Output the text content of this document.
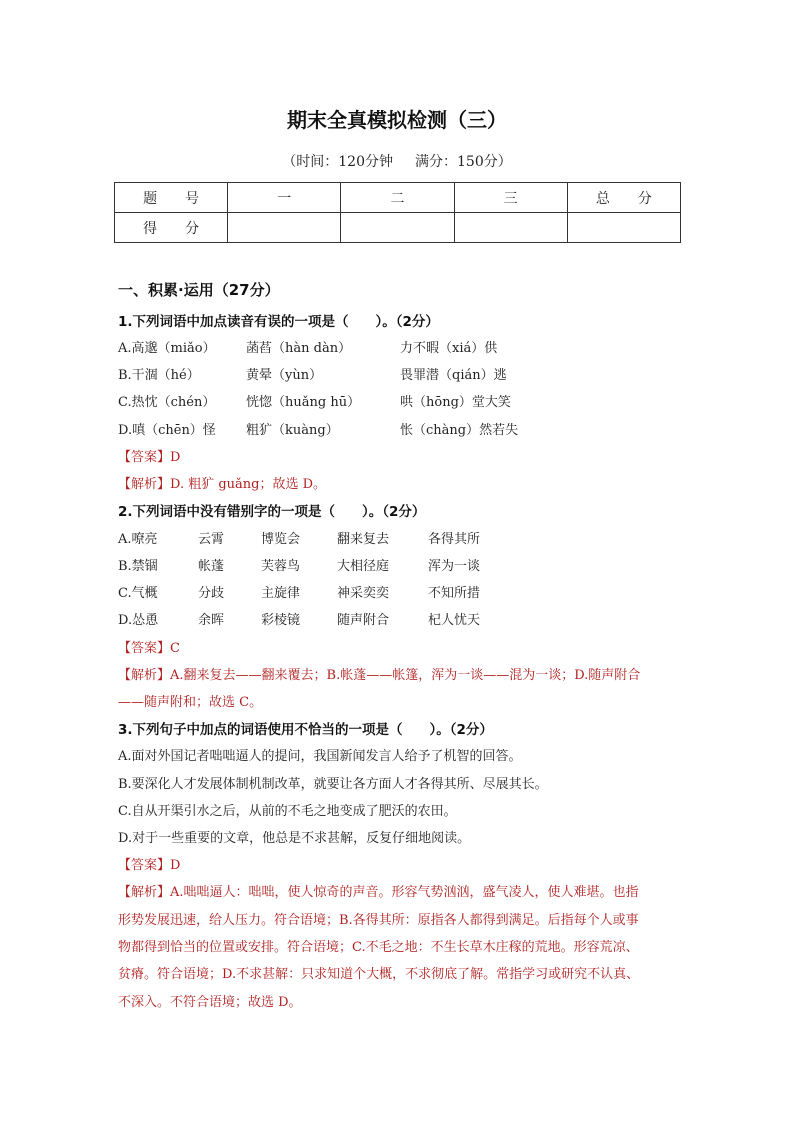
期末全真模拟检测（三）
（时间：120分钟 满分：150分）
题　　号	一	二	三	总　　分
得　　分				
一、积累·运用（27分）
1.下列词语中加点读音有误的一项是（　　）。（2分）
A.高邈（miǎo） 菡萏（hàn dàn）	力不暇（xiá）供
B.干涸（hé）	黄晕（yùn）	畏罪潜（qián）逃
C.热忱（chén） 恍惚（huǎng hū）	哄（hōng）堂大笑
D.嗔（chēn）怪 粗犷（kuàng）	怅（chàng）然若失
【答案】D
【解析】D. 粗犷 guǎng；故选 D。
2.下列词语中没有错别字的一项是（　　）。（2分）
A.嘹亮	云霄	博览会	翻来复去	各得其所
B.禁锢	帐蓬	芙蓉鸟	大相径庭	浑为一谈
C.气概	分歧	主旋律	神采奕奕	不知所措
D.怂恿	余晖	彩棱镜	随声附合	杞人忧天
【答案】C
【解析】A.翻来复去——翻来覆去；B.帐蓬——帐篷，浑为一谈——混为一谈；D.随声附合
——随声附和；故选 C。
3.下列句子中加点的词语使用不恰当的一项是（　　）。（2分）
A.面对外国记者咄咄逼人的提问，我国新闻发言人给予了机智的回答。
B.要深化人才发展体制机制改革，就要让各方面人才各得其所、尽展其长。
C.自从开渠引水之后，从前的不毛之地变成了肥沃的农田。
D.对于一些重要的文章，他总是不求甚解，反复仔细地阅读。
【答案】D
【解析】A.咄咄逼人：咄咄，使人惊奇的声音。形容气势汹汹，盛气凌人，使人难堪。也指
形势发展迅速，给人压力。符合语境；B.各得其所：原指各人都得到满足。后指每个人或事
物都得到恰当的位置或安排。符合语境；C.不毛之地：不生长草木庄稼的荒地。形容荒凉、
贫瘠。符合语境；D.不求甚解：只求知道个大概，不求彻底了解。常指学习或研究不认真、
不深入。不符合语境；故选 D。
